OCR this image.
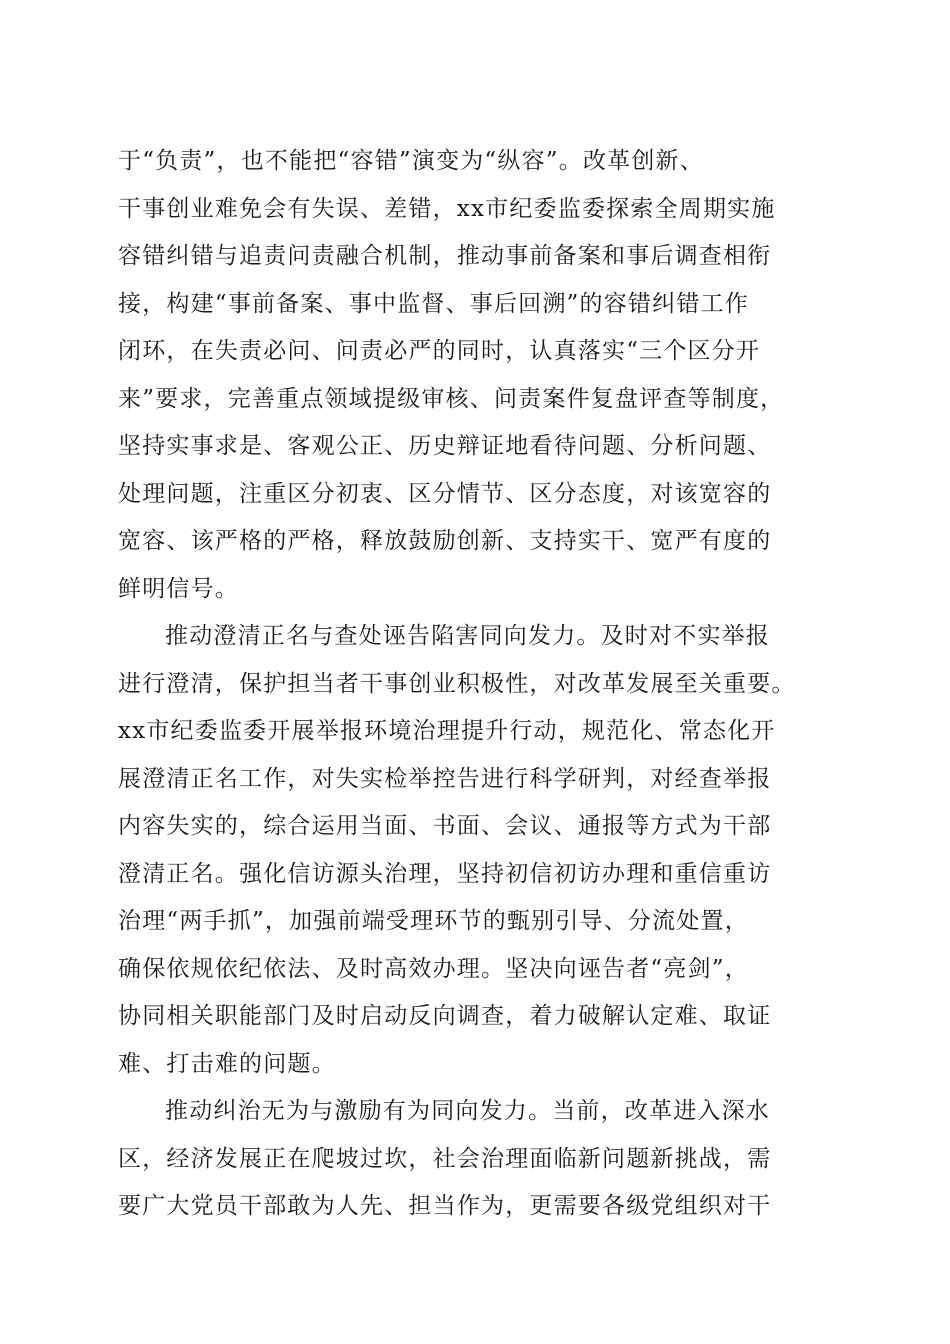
于“负责”，也不能把“容错”演变为“纵容”。改革创新、
干事创业难免会有失误、差错，xx市纪委监委探索全周期实施
容错纠错与追责问责融合机制，推动事前备案和事后调查相衔
接，构建“事前备案、事中监督、事后回溯”的容错纠错工作
闭环，在失责必问、问责必严的同时，认真落实“三个区分开
来”要求，完善重点领域提级审核、问责案件复盘评查等制度，
坚持实事求是、客观公正、历史辩证地看待问题、分析问题、
处理问题，注重区分初衷、区分情节、区分态度，对该宽容的
宽容、该严格的严格，释放鼓励创新、支持实干、宽严有度的
鲜明信号。
推动澄清正名与查处诬告陷害同向发力。及时对不实举报
进行澄清，保护担当者干事创业积极性，对改革发展至关重要。
xx市纪委监委开展举报环境治理提升行动，规范化、常态化开
展澄清正名工作，对失实检举控告进行科学研判，对经查举报
内容失实的，综合运用当面、书面、会议、通报等方式为干部
澄清正名。强化信访源头治理，坚持初信初访办理和重信重访
治理“两手抓”，加强前端受理环节的甄别引导、分流处置，
确保依规依纪依法、及时高效办理。坚决向诬告者“亮剑”，
协同相关职能部门及时启动反向调查，着力破解认定难、取证
难、打击难的问题。
推动纠治无为与激励有为同向发力。当前，改革进入深水
区，经济发展正在爬坡过坎，社会治理面临新问题新挑战，需
要广大党员干部敢为人先、担当作为，更需要各级党组织对干
